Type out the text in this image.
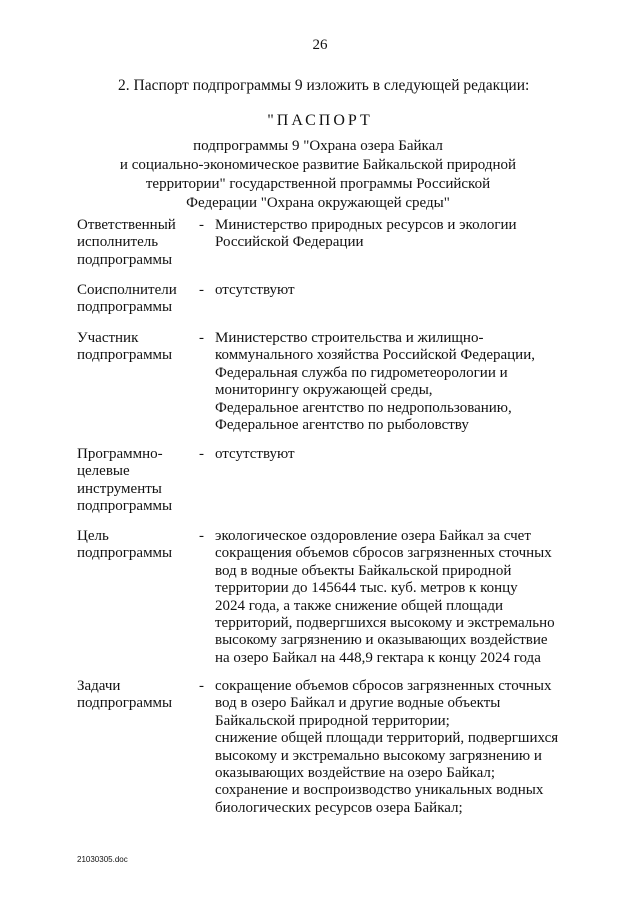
26
2. Паспорт подпрограммы 9 изложить в следующей редакции:
"ПАСПОРТ
подпрограммы 9 "Охрана озера Байкал
и социально-экономическое развитие Байкальской природной
территории" государственной программы Российской
Федерации "Охрана окружающей среды"
Ответственный
исполнитель
подпрограммы
- Министерство природных ресурсов и экологии
Российской Федерации
Соисполнители
подпрограммы
- отсутствуют
Участник
подпрограммы
- Министерство строительства и жилищно-
коммунального хозяйства Российской Федерации,
Федеральная служба по гидрометеорологии и
мониторингу окружающей среды,
Федеральное агентство по недропользованию,
Федеральное агентство по рыболовству
Программно-
целевые
инструменты
подпрограммы
- отсутствуют
Цель
подпрограммы
- экологическое оздоровление озера Байкал за счет
сокращения объемов сбросов загрязненных сточных
вод в водные объекты Байкальской природной
территории до 145644 тыс. куб. метров к концу
2024 года, а также снижение общей площади
территорий, подвергшихся высокому и экстремально
высокому загрязнению и оказывающих воздействие
на озеро Байкал на 448,9 гектара к концу 2024 года
Задачи
подпрограммы
- сокращение объемов сбросов загрязненных сточных
вод в озеро Байкал и другие водные объекты
Байкальской природной территории;
снижение общей площади территорий, подвергшихся
высокому и экстремально высокому загрязнению и
оказывающих воздействие на озеро Байкал;
сохранение и воспроизводство уникальных водных
биологических ресурсов озера Байкал;
21030305.doc
